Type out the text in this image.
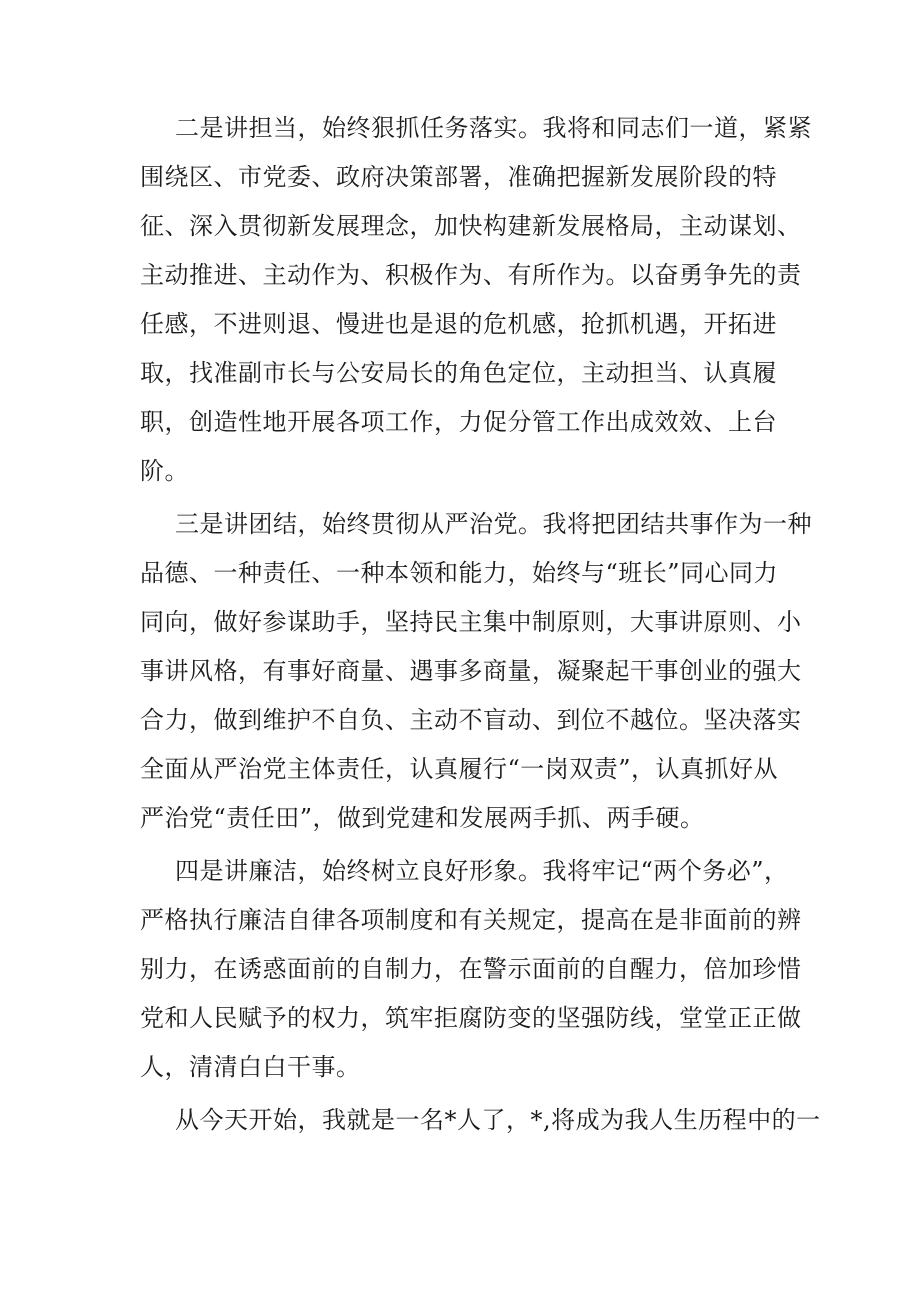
二是讲担当，始终狠抓任务落实。我将和同志们一道，紧紧
围绕区、市党委、政府决策部署，准确把握新发展阶段的特
征、深入贯彻新发展理念，加快构建新发展格局，主动谋划、
主动推进、主动作为、积极作为、有所作为。以奋勇争先的责
任感，不进则退、慢进也是退的危机感，抢抓机遇，开拓进
取，找准副市长与公安局长的角色定位，主动担当、认真履
职，创造性地开展各项工作，力促分管工作出成效效、上台
阶。
三是讲团结，始终贯彻从严治党。我将把团结共事作为一种
品德、一种责任、一种本领和能力，始终与“班长”同心同力
同向，做好参谋助手，坚持民主集中制原则，大事讲原则、小
事讲风格，有事好商量、遇事多商量，凝聚起干事创业的强大
合力，做到维护不自负、主动不盲动、到位不越位。坚决落实
全面从严治党主体责任，认真履行“一岗双责”，认真抓好从
严治党“责任田”，做到党建和发展两手抓、两手硬。
四是讲廉洁，始终树立良好形象。我将牢记“两个务必”，
严格执行廉洁自律各项制度和有关规定，提高在是非面前的辨
别力，在诱惑面前的自制力，在警示面前的自醒力，倍加珍惜
党和人民赋予的权力，筑牢拒腐防变的坚强防线，堂堂正正做
人，清清白白干事。
从今天开始，我就是一名*人了，*,将成为我人生历程中的一
